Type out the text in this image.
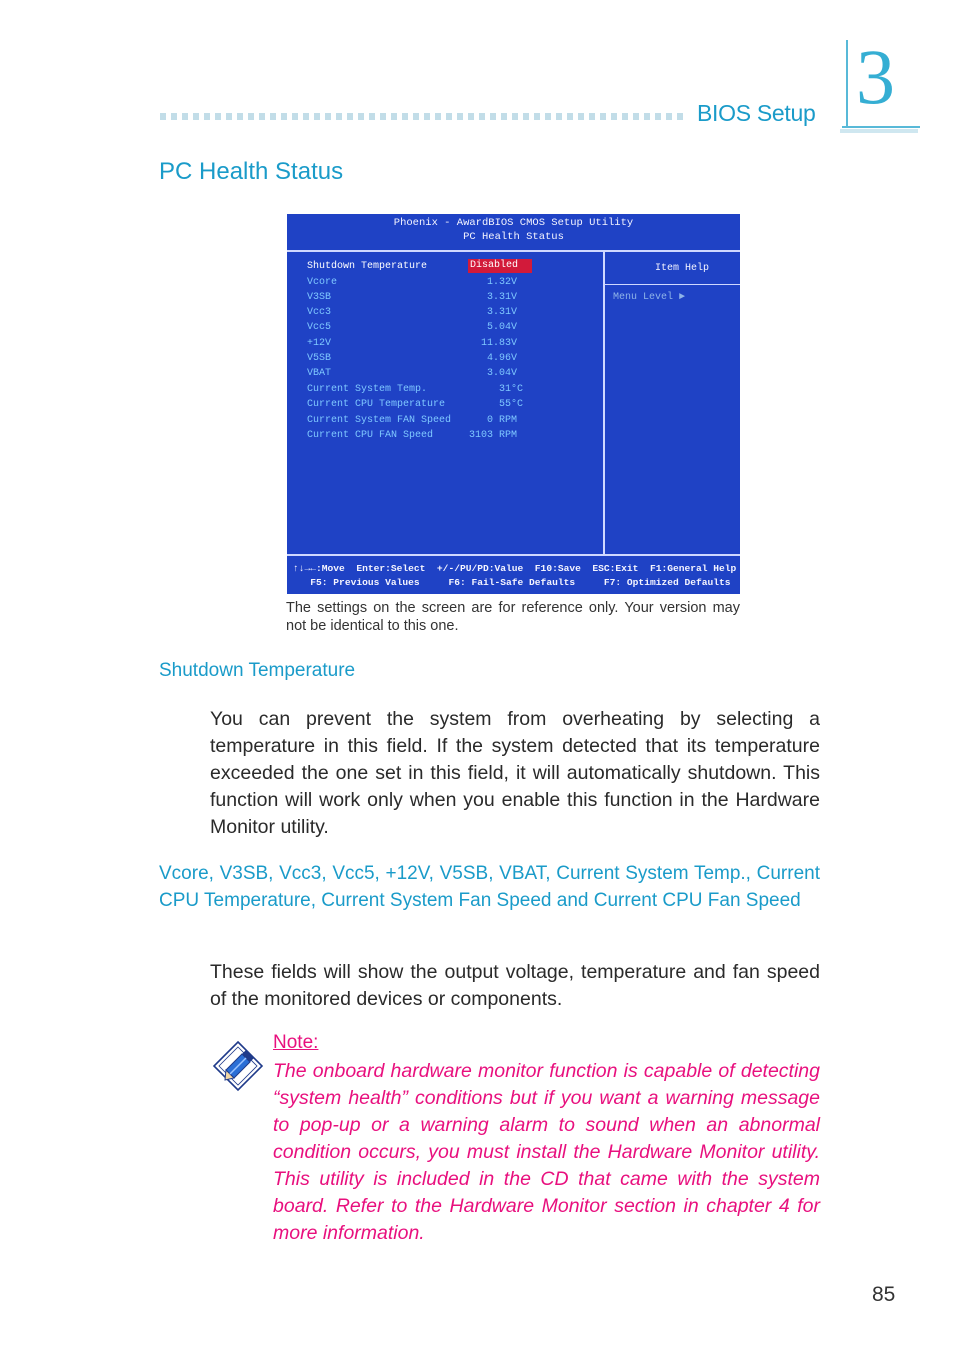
BIOS Setup 3
PC Health Status
Phoenix - AwardBIOS CMOS Setup Utility
PC Health Status
Shutdown Temperature	Disabled
Vcore	1.32V
V3SB	3.31V
Vcc3	3.31V
Vcc5	5.04V
+12V	11.83V
V5SB	4.96V
VBAT	3.04V
Current System Temp.	31°C
Current CPU Temperature	55°C
Current System FAN Speed	0 RPM
Current CPU FAN Speed	3103 RPM
Item Help
Menu Level ►
↑↓→←:Move  Enter:Select  +/-/PU/PD:Value  F10:Save  ESC:Exit  F1:General Help
F5: Previous Values     F6: Fail-Safe Defaults     F7: Optimized Defaults
The settings on the screen are for reference only. Your version may not be identical to this one.
Shutdown Temperature
You can prevent the system from overheating by selecting a temperature in this field. If the system detected that its temperature exceeded the one set in this field, it will automatically shutdown. This function will work only when you enable this function in the Hardware Monitor utility.
Vcore, V3SB, Vcc3, Vcc5, +12V, V5SB, VBAT, Current System Temp., Current CPU Temperature, Current System Fan Speed and Current CPU Fan Speed
These fields will show the output voltage, temperature and fan speed of the monitored devices or components.
Note:
The onboard hardware monitor function is capable of detecting “system health” conditions but if you want a warning message to pop-up or a warning alarm to sound when an abnormal condition occurs, you must install the Hardware Monitor utility. This utility is included in the CD that came with the system board. Refer to the Hardware Monitor section in chapter 4 for more information.
85
